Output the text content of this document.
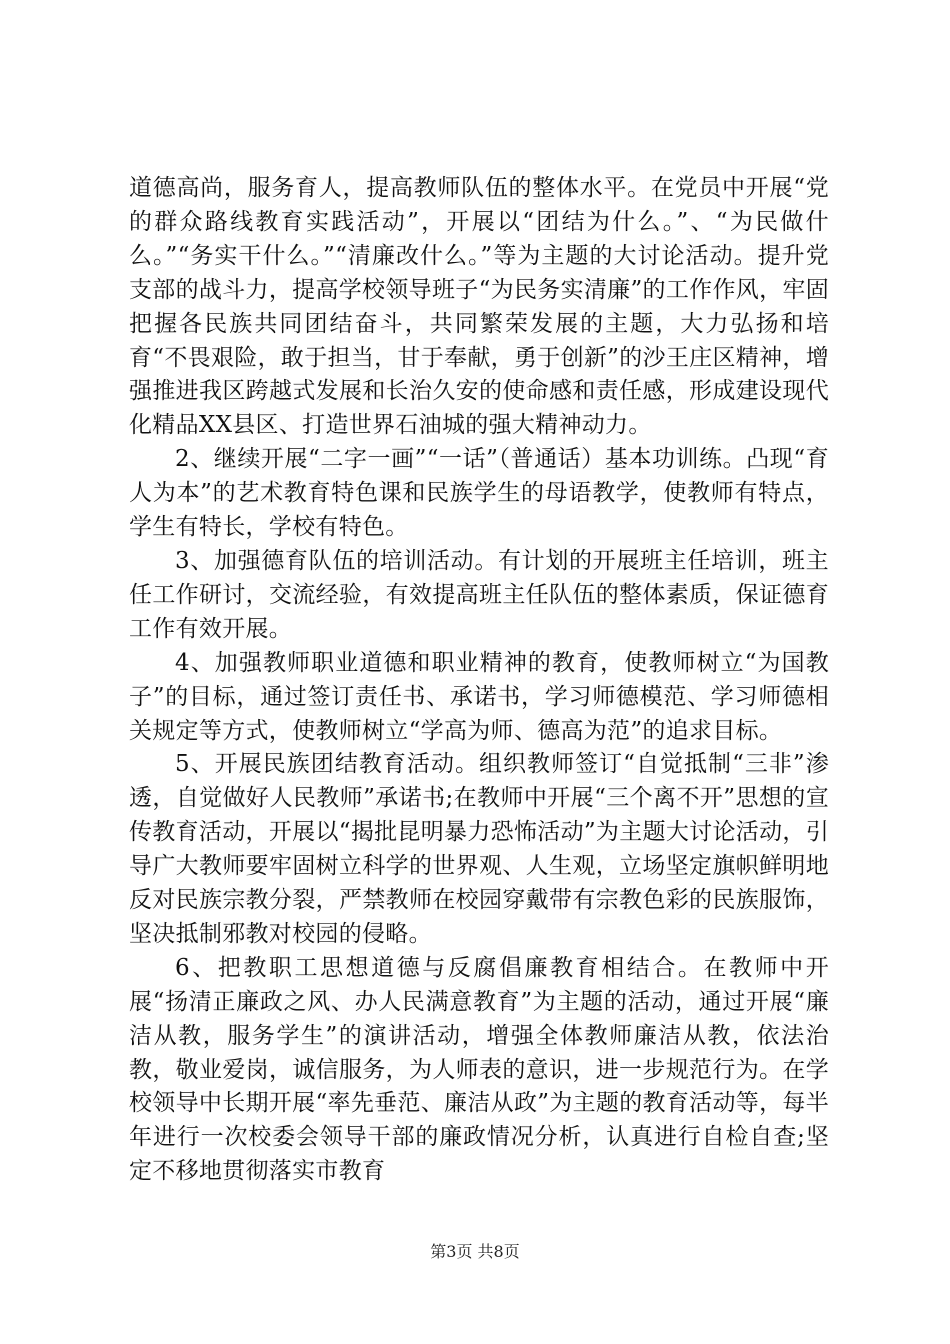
道德高尚，服务育人，提高教师队伍的整体水平。在党员中开展“党的群众路线教育实践活动”，开展以“团结为什么。”、“为民做什么。”“务实干什么。”“清廉改什么。”等为主题的大讨论活动。提升党支部的战斗力，提高学校领导班子“为民务实清廉”的工作作风，牢固把握各民族共同团结奋斗，共同繁荣发展的主题，大力弘扬和培育“不畏艰险，敢于担当，甘于奉献，勇于创新”的沙王庄区精神，增强推进我区跨越式发展和长治久安的使命感和责任感，形成建设现代化精品XX县区、打造世界石油城的强大精神动力。

2、继续开展“二字一画”“一话”（普通话）基本功训练。凸现“育人为本”的艺术教育特色课和民族学生的母语教学，使教师有特点，学生有特长，学校有特色。

3、加强德育队伍的培训活动。有计划的开展班主任培训，班主任工作研讨，交流经验，有效提高班主任队伍的整体素质，保证德育工作有效开展。

4、加强教师职业道德和职业精神的教育，使教师树立“为国教子”的目标，通过签订责任书、承诺书，学习师德模范、学习师德相关规定等方式，使教师树立“学高为师、德高为范”的追求目标。

5、开展民族团结教育活动。组织教师签订“自觉抵制“三非”渗透，自觉做好人民教师”承诺书;在教师中开展“三个离不开”思想的宣传教育活动，开展以“揭批昆明暴力恐怖活动”为主题大讨论活动，引导广大教师要牢固树立科学的世界观、人生观，立场坚定旗帜鲜明地反对民族宗教分裂，严禁教师在校园穿戴带有宗教色彩的民族服饰，坚决抵制邪教对校园的侵略。

6、把教职工思想道德与反腐倡廉教育相结合。在教师中开展“扬清正廉政之风、办人民满意教育”为主题的活动，通过开展“廉洁从教，服务学生”的演讲活动，增强全体教师廉洁从教，依法治教，敬业爱岗，诚信服务，为人师表的意识，进一步规范行为。在学校领导中长期开展“率先垂范、廉洁从政”为主题的教育活动等，每半年进行一次校委会领导干部的廉政情况分析，认真进行自检自查;坚定不移地贯彻落实市教育

第3页 共8页
